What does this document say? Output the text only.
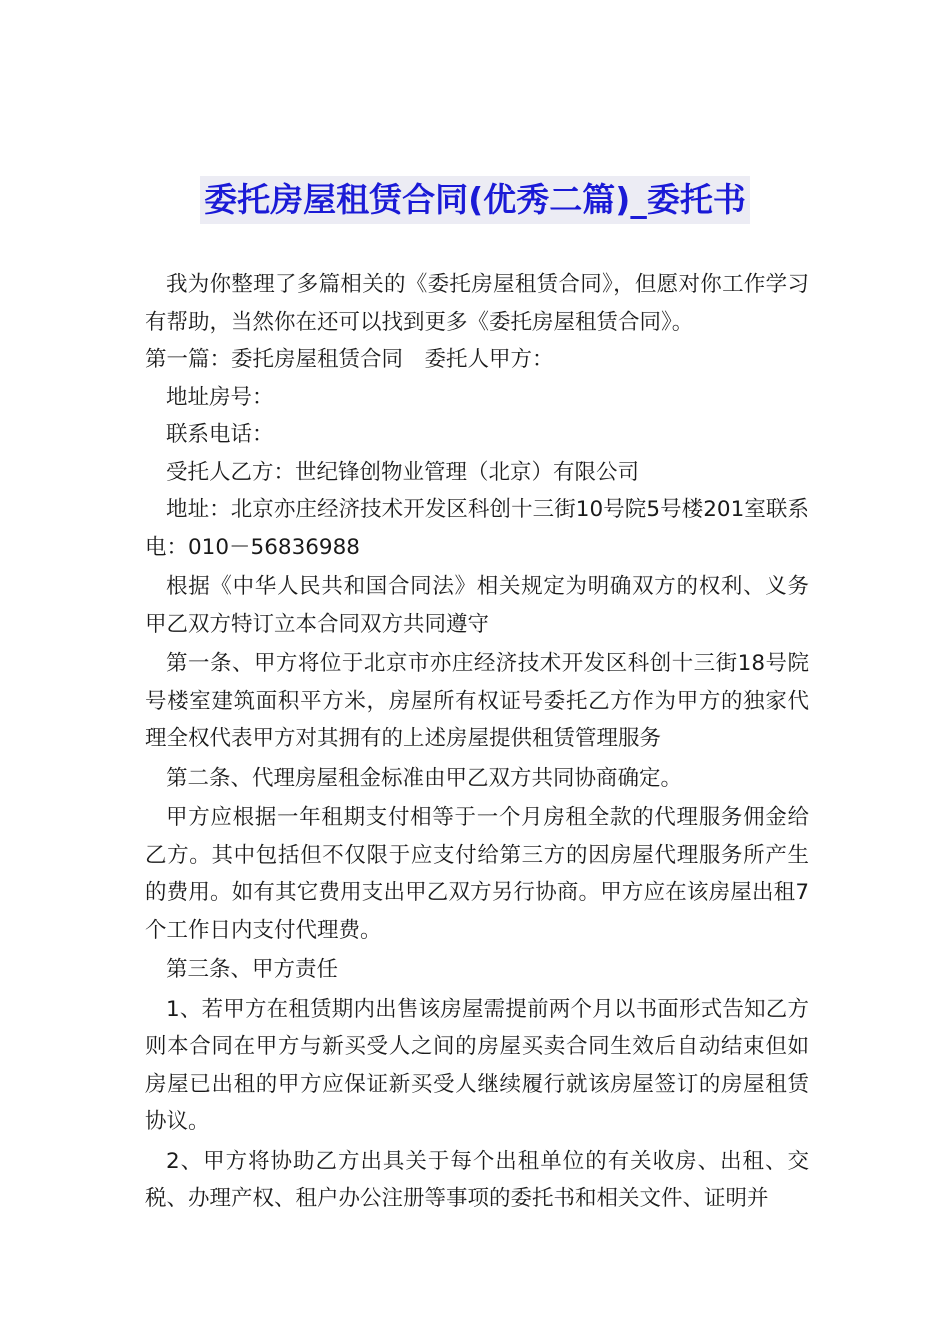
委托房屋租赁合同(优秀二篇)_委托书

我为你整理了多篇相关的《委托房屋租赁合同》，但愿对你工作学习有帮助，当然你在还可以找到更多《委托房屋租赁合同》。

第一篇：委托房屋租赁合同　委托人甲方：

地址房号：

联系电话：

受托人乙方：世纪锋创物业管理（北京）有限公司

地址：北京亦庄经济技术开发区科创十三街10号院5号楼201室联系电：010－56836988

根据《中华人民共和国合同法》相关规定为明确双方的权利、义务甲乙双方特订立本合同双方共同遵守

第一条、甲方将位于北京市亦庄经济技术开发区科创十三街18号院号楼室建筑面积平方米，房屋所有权证号委托乙方作为甲方的独家代理全权代表甲方对其拥有的上述房屋提供租赁管理服务

第二条、代理房屋租金标准由甲乙双方共同协商确定。

甲方应根据一年租期支付相等于一个月房租全款的代理服务佣金给乙方。其中包括但不仅限于应支付给第三方的因房屋代理服务所产生的费用。如有其它费用支出甲乙双方另行协商。甲方应在该房屋出租7个工作日内支付代理费。

第三条、甲方责任

1、若甲方在租赁期内出售该房屋需提前两个月以书面形式告知乙方则本合同在甲方与新买受人之间的房屋买卖合同生效后自动结束但如房屋已出租的甲方应保证新买受人继续履行就该房屋签订的房屋租赁协议。

2、甲方将协助乙方出具关于每个出租单位的有关收房、出租、交税、办理产权、租户办公注册等事项的委托书和相关文件、证明并
